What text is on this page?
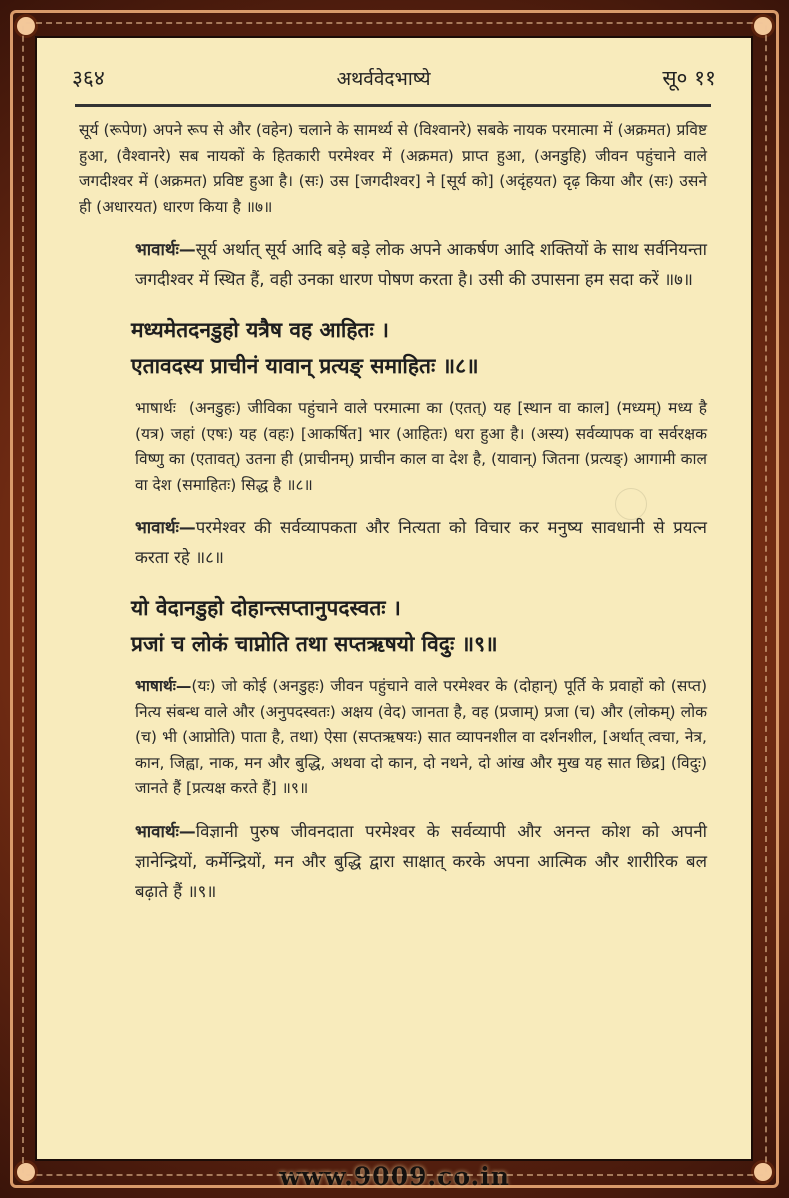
३६४	अथर्ववेदभाष्ये	सू० ११

सूर्य (रूपेण) अपने रूप से और (वहेन) चलाने के सामर्थ्य से (विश्वानरे) सबके नायक परमात्मा में (अक्रमत) प्रविष्ट हुआ, (वैश्वानरे) सब नायकों के हितकारी परमेश्वर में (अक्रमत) प्राप्त हुआ, (अनडुहि) जीवन पहुंचाने वाले जगदीश्वर में (अक्रमत) प्रविष्ट हुआ है। (सः) उस [जगदीश्वर] ने [सूर्य को] (अदृंहयत) दृढ़ किया और (सः) उसने ही (अधारयत) धारण किया है ॥७॥

भावार्थः—सूर्य अर्थात् सूर्य आदि बड़े बड़े लोक अपने आकर्षण आदि शक्तियों के साथ सर्वनियन्ता जगदीश्वर में स्थित हैं, वही उनका धारण पोषण करता है। उसी की उपासना हम सदा करें ॥७॥

मध्यमेतदनडुहो यत्रैष वह आहितः ।

एतावदस्य प्राचीनं यावान् प्रत्यङ् समाहितः ॥८॥

भाषार्थः (अनडुहः) जीविका पहुंचाने वाले परमात्मा का (एतत्) यह [स्थान वा काल] (मध्यम्) मध्य है (यत्र) जहां (एषः) यह (वहः) [आकर्षित] भार (आहितः) धरा हुआ है। (अस्य) सर्वव्यापक वा सर्वरक्षक विष्णु का (एतावत्) उतना ही (प्राचीनम्) प्राचीन काल वा देश है, (यावान्) जितना (प्रत्यङ्) आगामी काल वा देश (समाहितः) सिद्ध है ॥८॥

भावार्थः—परमेश्वर की सर्वव्यापकता और नित्यता को विचार कर मनुष्य सावधानी से प्रयत्न करता रहे ॥८॥

यो वेदानडुहो दोहान्त्सप्तानुपदस्वतः ।

प्रजां च लोकं चाप्नोति तथा सप्तऋषयो विदुः ॥९॥

भाषार्थः—(यः) जो कोई (अनडुहः) जीवन पहुंचाने वाले परमेश्वर के (दोहान्) पूर्ति के प्रवाहों को (सप्त) नित्य संबन्ध वाले और (अनुपदस्वतः) अक्षय (वेद) जानता है, वह (प्रजाम्) प्रजा (च) और (लोकम्) लोक (च) भी (आप्नोति) पाता है, तथा) ऐसा (सप्तऋषयः) सात व्यापनशील वा दर्शनशील, [अर्थात् त्वचा, नेत्र, कान, जिह्वा, नाक, मन और बुद्धि, अथवा दो कान, दो नथने, दो आंख और मुख यह सात छिद्र] (विदुः) जानते हैं [प्रत्यक्ष करते हैं] ॥९॥

भावार्थः—विज्ञानी पुरुष जीवनदाता परमेश्वर के सर्वव्यापी और अनन्त कोश को अपनी ज्ञानेन्द्रियों, कर्मेन्द्रियों, मन और बुद्धि द्वारा साक्षात् करके अपना आत्मिक और शारीरिक बल बढ़ाते हैं ॥९॥

www.9009.co.in
